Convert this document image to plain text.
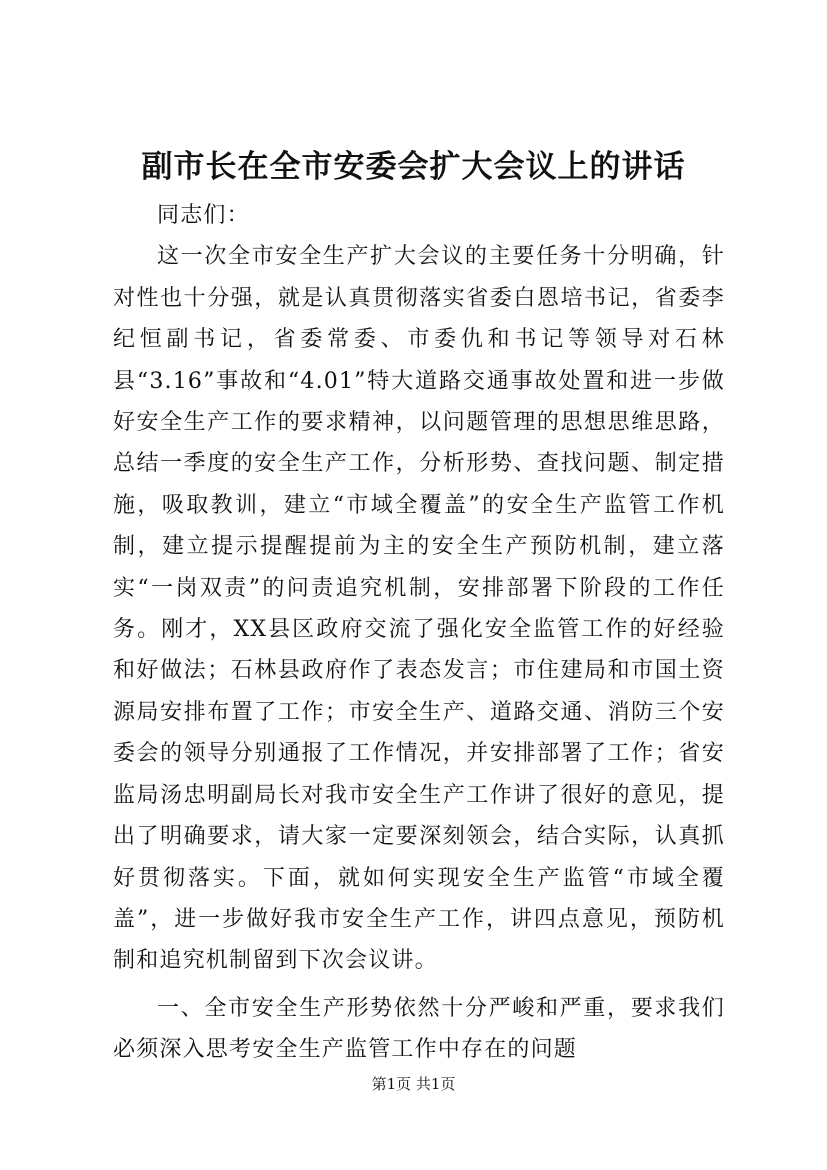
副市长在全市安委会扩大会议上的讲话

同志们：

这一次全市安全生产扩大会议的主要任务十分明确，针对性也十分强，就是认真贯彻落实省委白恩培书记，省委李纪恒副书记，省委常委、市委仇和书记等领导对石林县“3.16”事故和“4.01”特大道路交通事故处置和进一步做好安全生产工作的要求精神，以问题管理的思想思维思路，总结一季度的安全生产工作，分析形势、查找问题、制定措施，吸取教训，建立“市域全覆盖”的安全生产监管工作机制，建立提示提醒提前为主的安全生产预防机制，建立落实“一岗双责”的问责追究机制，安排部署下阶段的工作任务。刚才，XX县区政府交流了强化安全监管工作的好经验和好做法；石林县政府作了表态发言；市住建局和市国土资源局安排布置了工作；市安全生产、道路交通、消防三个安委会的领导分别通报了工作情况，并安排部署了工作；省安监局汤忠明副局长对我市安全生产工作讲了很好的意见，提出了明确要求，请大家一定要深刻领会，结合实际，认真抓好贯彻落实。下面，就如何实现安全生产监管“市域全覆盖”，进一步做好我市安全生产工作，讲四点意见，预防机制和追究机制留到下次会议讲。

一、全市安全生产形势依然十分严峻和严重，要求我们必须深入思考安全生产监管工作中存在的问题

第1页 共1页
